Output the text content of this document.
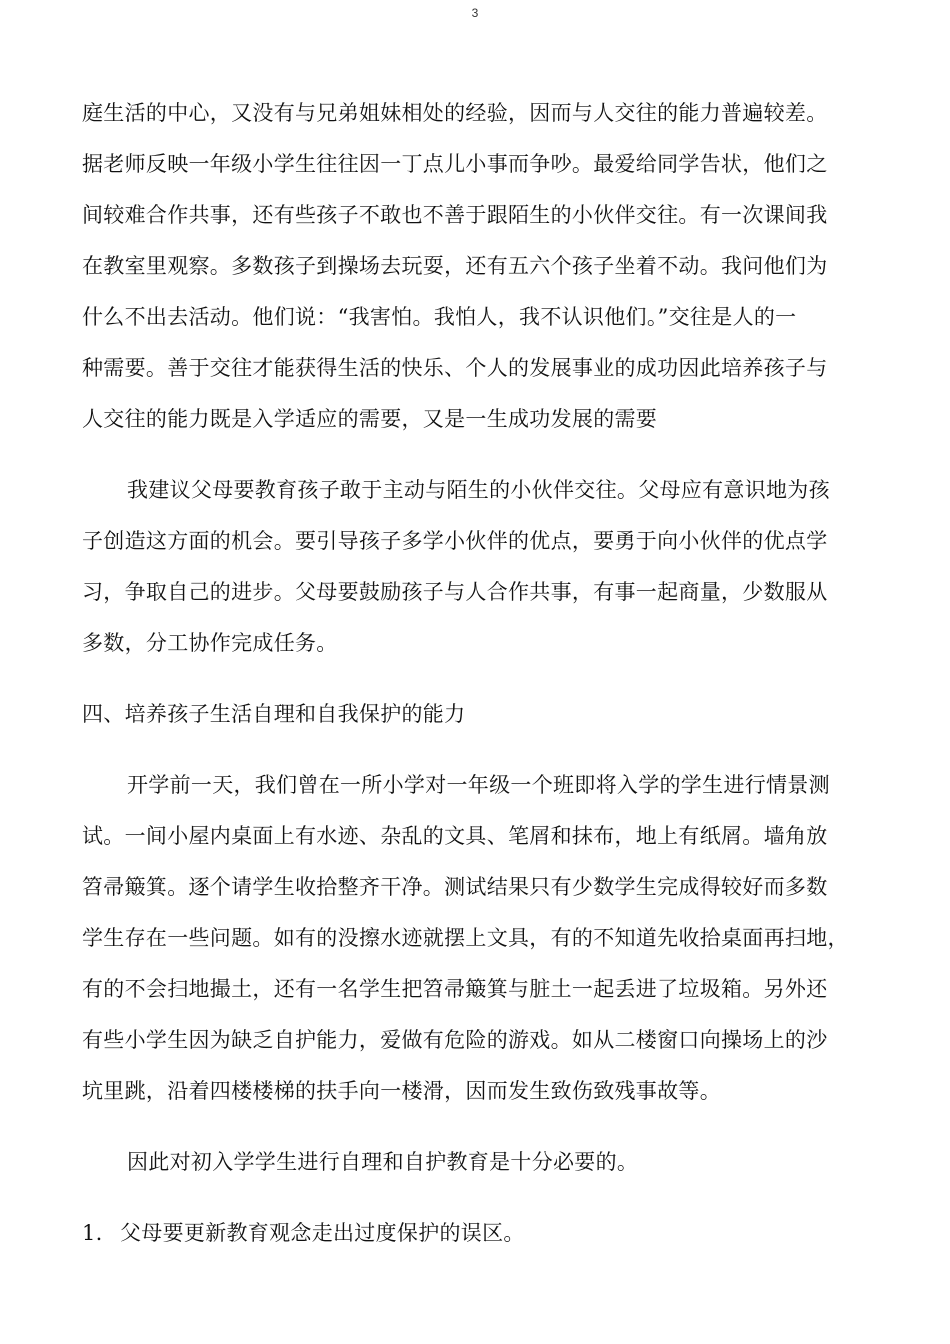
3
庭生活的中心，又没有与兄弟姐妹相处的经验，因而与人交往的能力普遍较差。
据老师反映一年级小学生往往因一丁点儿小事而争吵。最爱给同学告状，他们之
间较难合作共事，还有些孩子不敢也不善于跟陌生的小伙伴交往。有一次课间我
在教室里观察。多数孩子到操场去玩耍，还有五六个孩子坐着不动。我问他们为
什么不出去活动。他们说：“我害怕。我怕人，我不认识他们。”交往是人的一
种需要。善于交往才能获得生活的快乐、个人的发展事业的成功因此培养孩子与
人交往的能力既是入学适应的需要，又是一生成功发展的需要
我建议父母要教育孩子敢于主动与陌生的小伙伴交往。父母应有意识地为孩
子创造这方面的机会。要引导孩子多学小伙伴的优点，要勇于向小伙伴的优点学
习，争取自己的进步。父母要鼓励孩子与人合作共事，有事一起商量，少数服从
多数，分工协作完成任务。
四、培养孩子生活自理和自我保护的能力
开学前一天，我们曾在一所小学对一年级一个班即将入学的学生进行情景测
试。一间小屋内桌面上有水迹、杂乱的文具、笔屑和抹布，地上有纸屑。墙角放
笤帚簸箕。逐个请学生收拾整齐干净。测试结果只有少数学生完成得较好而多数
学生存在一些问题。如有的没擦水迹就摆上文具，有的不知道先收拾桌面再扫地，
有的不会扫地撮土，还有一名学生把笤帚簸箕与脏土一起丢进了垃圾箱。另外还
有些小学生因为缺乏自护能力，爱做有危险的游戏。如从二楼窗口向操场上的沙
坑里跳，沿着四楼楼梯的扶手向一楼滑，因而发生致伤致残事故等。
因此对初入学学生进行自理和自护教育是十分必要的。
1. 父母要更新教育观念走出过度保护的误区。
